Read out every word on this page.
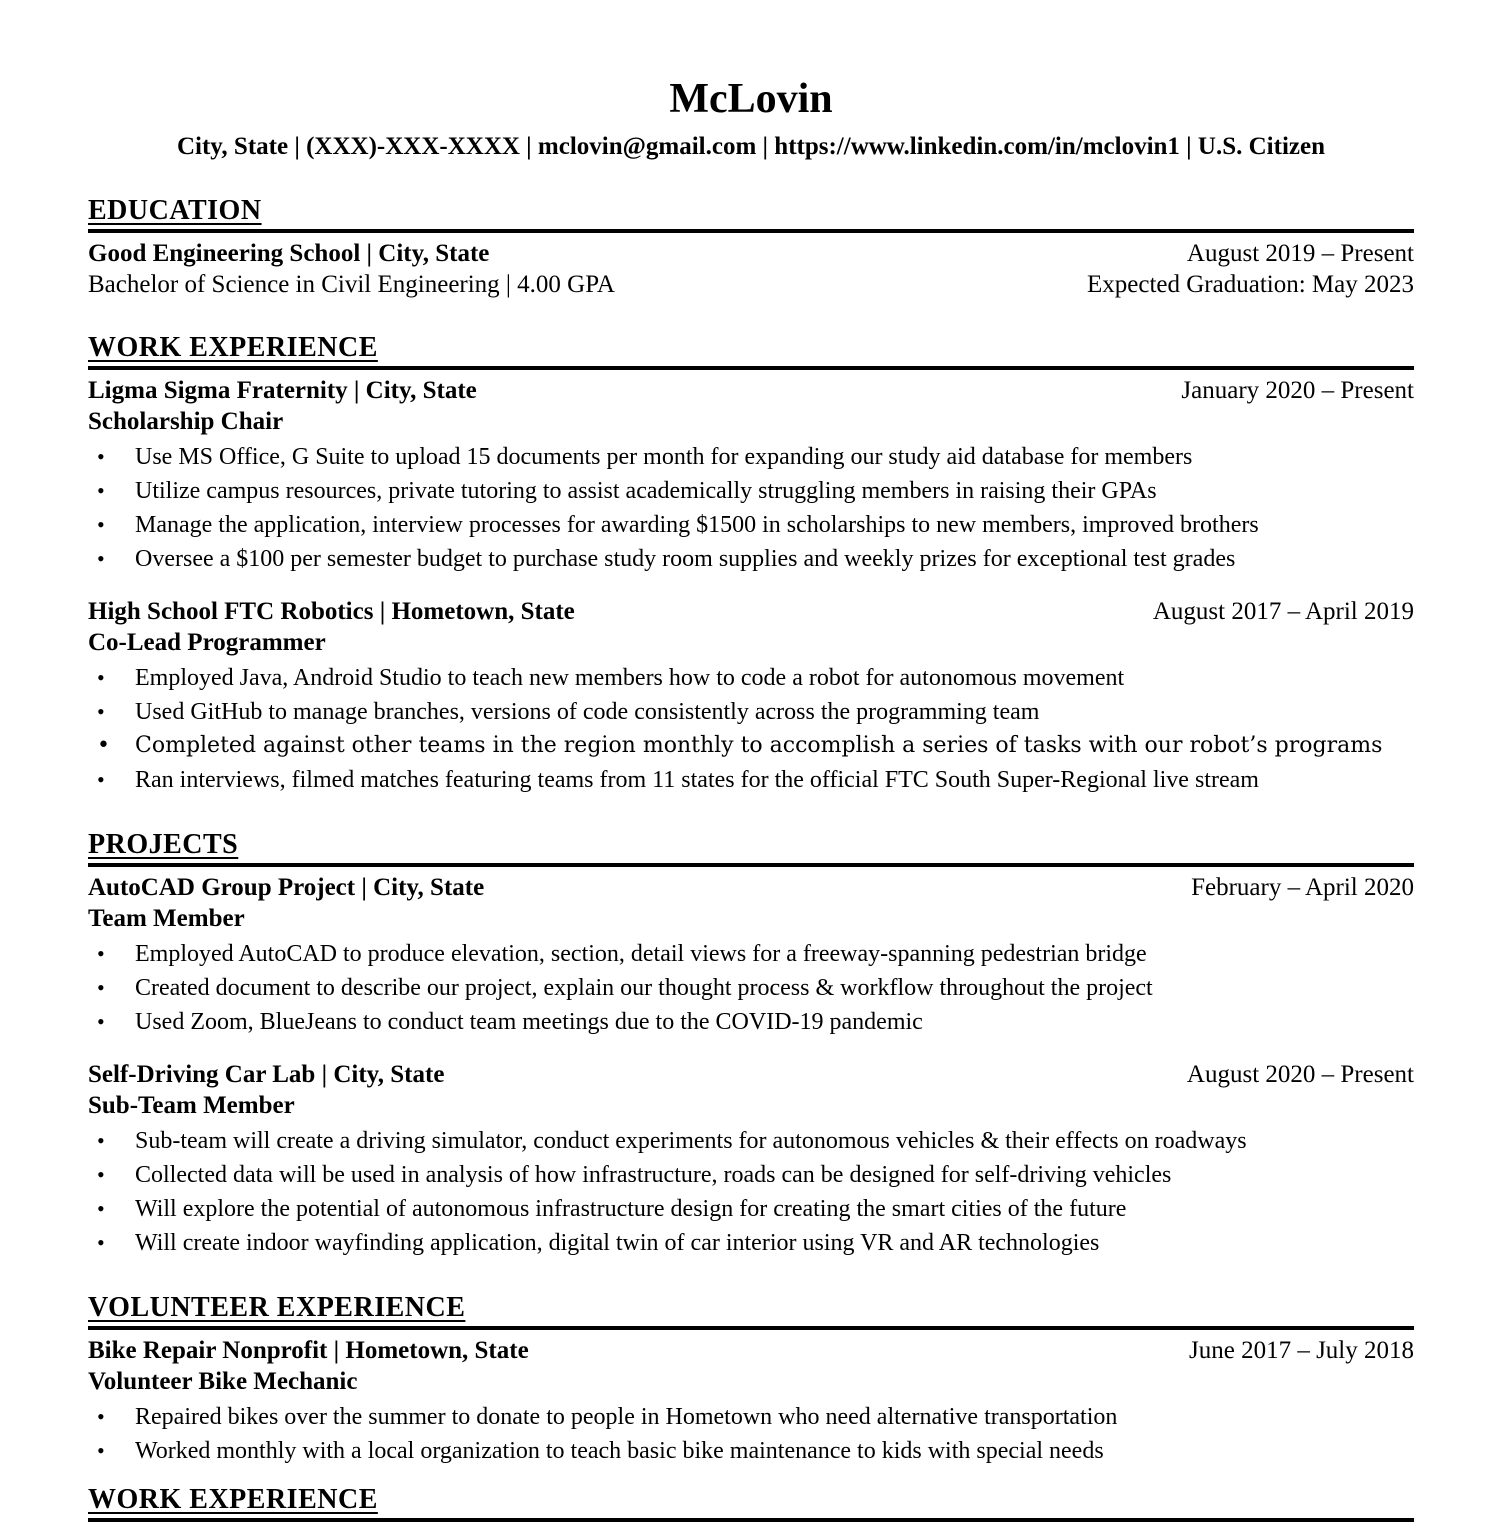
McLovin
City, State | (XXX)-XXX-XXXX | mclovin@gmail.com | https://www.linkedin.com/in/mclovin1 | U.S. Citizen
EDUCATION
Good Engineering School | City, State	August 2019 – Present
Bachelor of Science in Civil Engineering | 4.00 GPA	Expected Graduation: May 2023
WORK EXPERIENCE
Ligma Sigma Fraternity | City, State	January 2020 – Present
Scholarship Chair
• Use MS Office, G Suite to upload 15 documents per month for expanding our study aid database for members
• Utilize campus resources, private tutoring to assist academically struggling members in raising their GPAs
• Manage the application, interview processes for awarding $1500 in scholarships to new members, improved brothers
• Oversee a $100 per semester budget to purchase study room supplies and weekly prizes for exceptional test grades
High School FTC Robotics | Hometown, State	August 2017 – April 2019
Co-Lead Programmer
• Employed Java, Android Studio to teach new members how to code a robot for autonomous movement
• Used GitHub to manage branches, versions of code consistently across the programming team
• Completed against other teams in the region monthly to accomplish a series of tasks with our robot’s programs
• Ran interviews, filmed matches featuring teams from 11 states for the official FTC South Super-Regional live stream
PROJECTS
AutoCAD Group Project | City, State	February – April 2020
Team Member
• Employed AutoCAD to produce elevation, section, detail views for a freeway-spanning pedestrian bridge
• Created document to describe our project, explain our thought process & workflow throughout the project
• Used Zoom, BlueJeans to conduct team meetings due to the COVID-19 pandemic
Self-Driving Car Lab | City, State	August 2020 – Present
Sub-Team Member
• Sub-team will create a driving simulator, conduct experiments for autonomous vehicles & their effects on roadways
• Collected data will be used in analysis of how infrastructure, roads can be designed for self-driving vehicles
• Will explore the potential of autonomous infrastructure design for creating the smart cities of the future
• Will create indoor wayfinding application, digital twin of car interior using VR and AR technologies
VOLUNTEER EXPERIENCE
Bike Repair Nonprofit | Hometown, State	June 2017 – July 2018
Volunteer Bike Mechanic
• Repaired bikes over the summer to donate to people in Hometown who need alternative transportation
• Worked monthly with a local organization to teach basic bike maintenance to kids with special needs
WORK EXPERIENCE
